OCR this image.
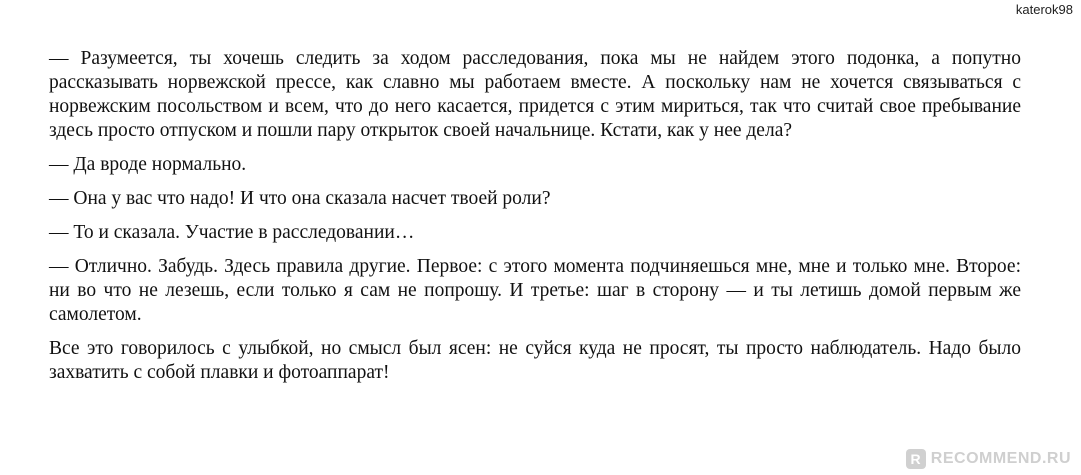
katerok98

— Разумеется, ты хочешь следить за ходом расследования, пока мы не найдем этого подонка, а попутно рассказывать норвежской прессе, как славно мы работаем вместе. А поскольку нам не хочется связываться с норвежским посольством и всем, что до него касается, придется с этим мириться, так что считай свое пребывание здесь просто отпуском и пошли пару открыток своей начальнице. Кстати, как у нее дела?

— Да вроде нормально.

— Она у вас что надо! И что она сказала насчет твоей роли?

— То и сказала. Участие в расследовании…

— Отлично. Забудь. Здесь правила другие. Первое: с этого момента подчиняешься мне, мне и только мне. Второе: ни во что не лезешь, если только я сам не попрошу. И третье: шаг в сторону — и ты летишь домой первым же самолетом.

Все это говорилось с улыбкой, но смысл был ясен: не суйся куда не просят, ты просто наблюдатель. Надо было захватить с собой плавки и фотоаппарат!

R RECOMMEND.RU
